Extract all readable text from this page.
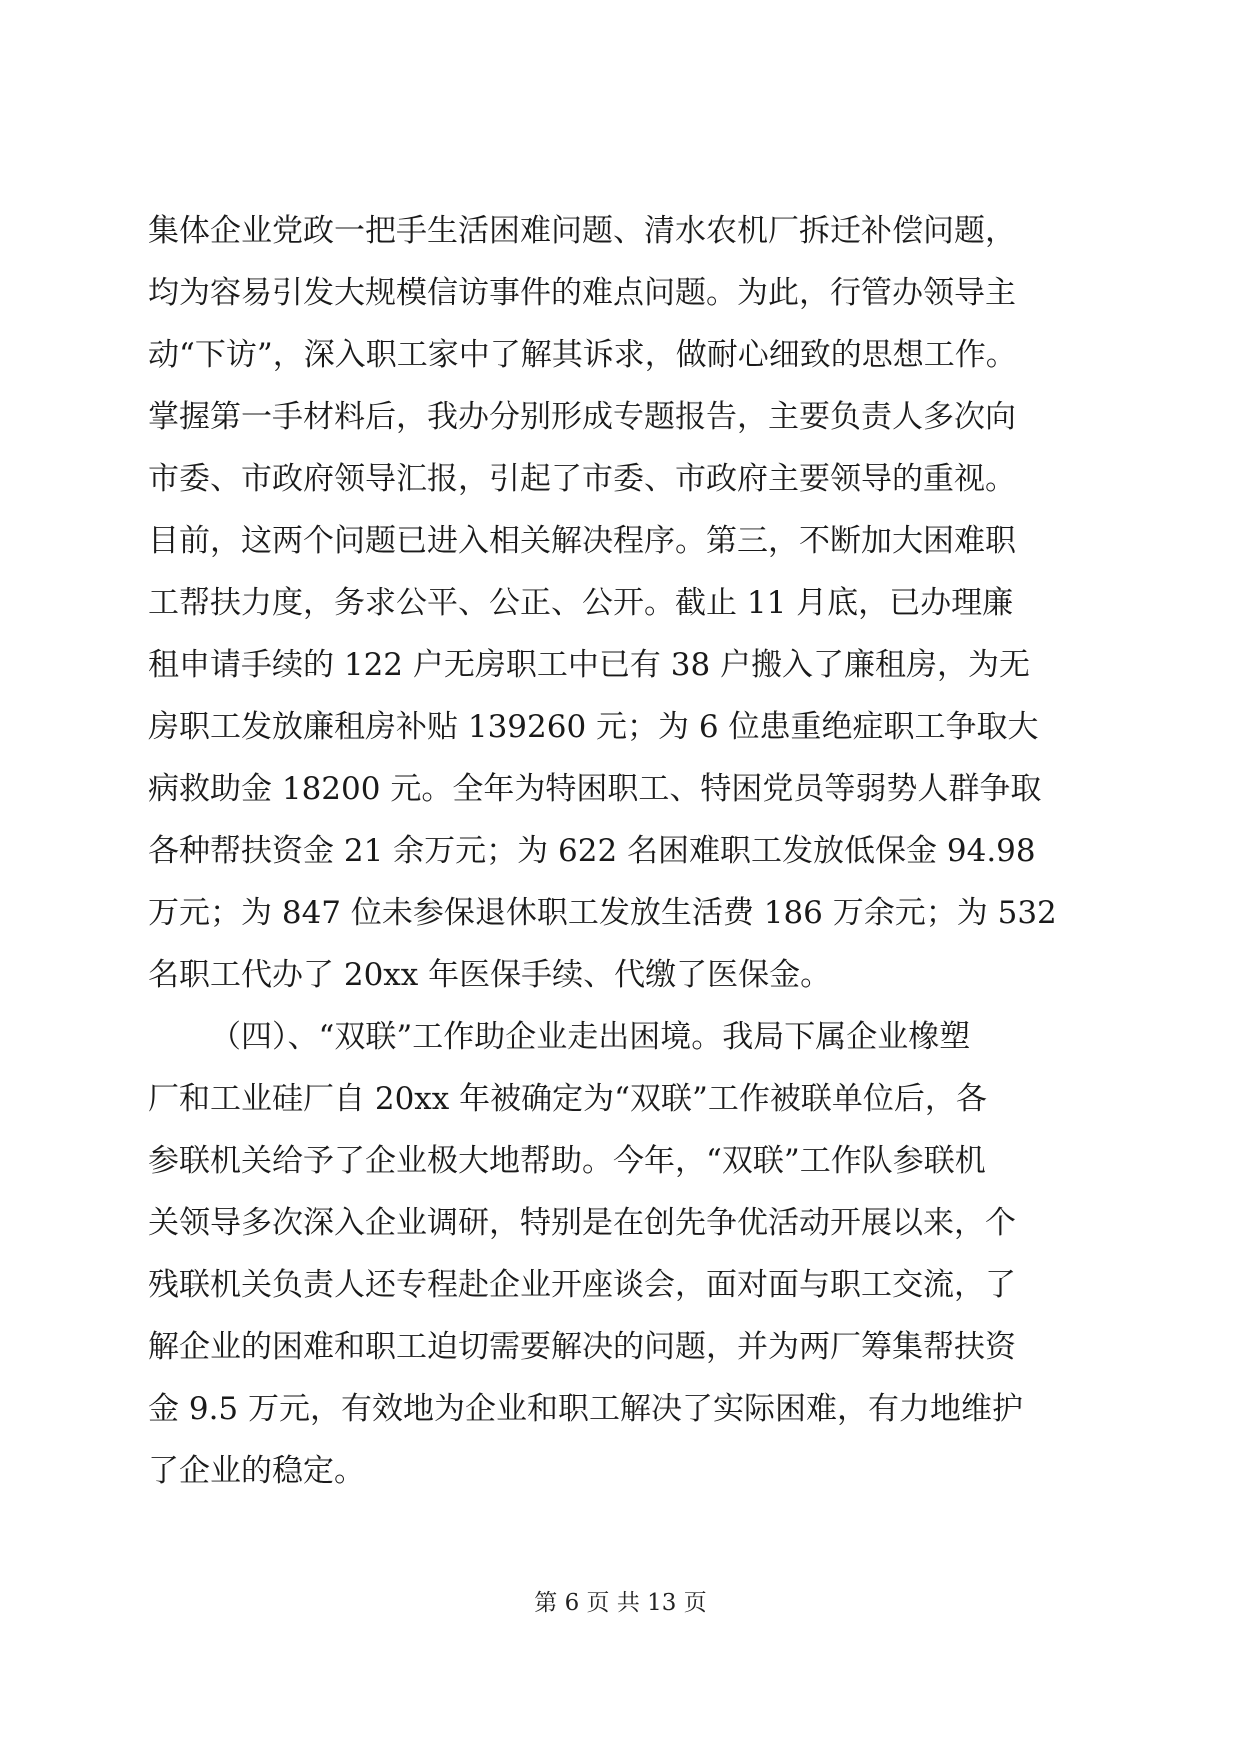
集体企业党政一把手生活困难问题、清水农机厂拆迁补偿问题，
均为容易引发大规模信访事件的难点问题。为此，行管办领导主
动“下访”，深入职工家中了解其诉求，做耐心细致的思想工作。
掌握第一手材料后，我办分别形成专题报告，主要负责人多次向
市委、市政府领导汇报，引起了市委、市政府主要领导的重视。
目前，这两个问题已进入相关解决程序。第三，不断加大困难职
工帮扶力度，务求公平、公正、公开。截止 11 月底，已办理廉
租申请手续的 122 户无房职工中已有 38 户搬入了廉租房，为无
房职工发放廉租房补贴 139260 元；为 6 位患重绝症职工争取大
病救助金 18200 元。全年为特困职工、特困党员等弱势人群争取
各种帮扶资金 21 余万元；为 622 名困难职工发放低保金 94.98
万元；为 847 位未参保退休职工发放生活费 186 万余元；为 532
名职工代办了 20xx 年医保手续、代缴了医保金。
（四）、“双联”工作助企业走出困境。我局下属企业橡塑
厂和工业硅厂自 20xx 年被确定为“双联”工作被联单位后，各
参联机关给予了企业极大地帮助。今年，“双联”工作队参联机
关领导多次深入企业调研，特别是在创先争优活动开展以来，个
残联机关负责人还专程赴企业开座谈会，面对面与职工交流，了
解企业的困难和职工迫切需要解决的问题，并为两厂筹集帮扶资
金 9.5 万元，有效地为企业和职工解决了实际困难，有力地维护
了企业的稳定。
第 6 页 共 13 页
